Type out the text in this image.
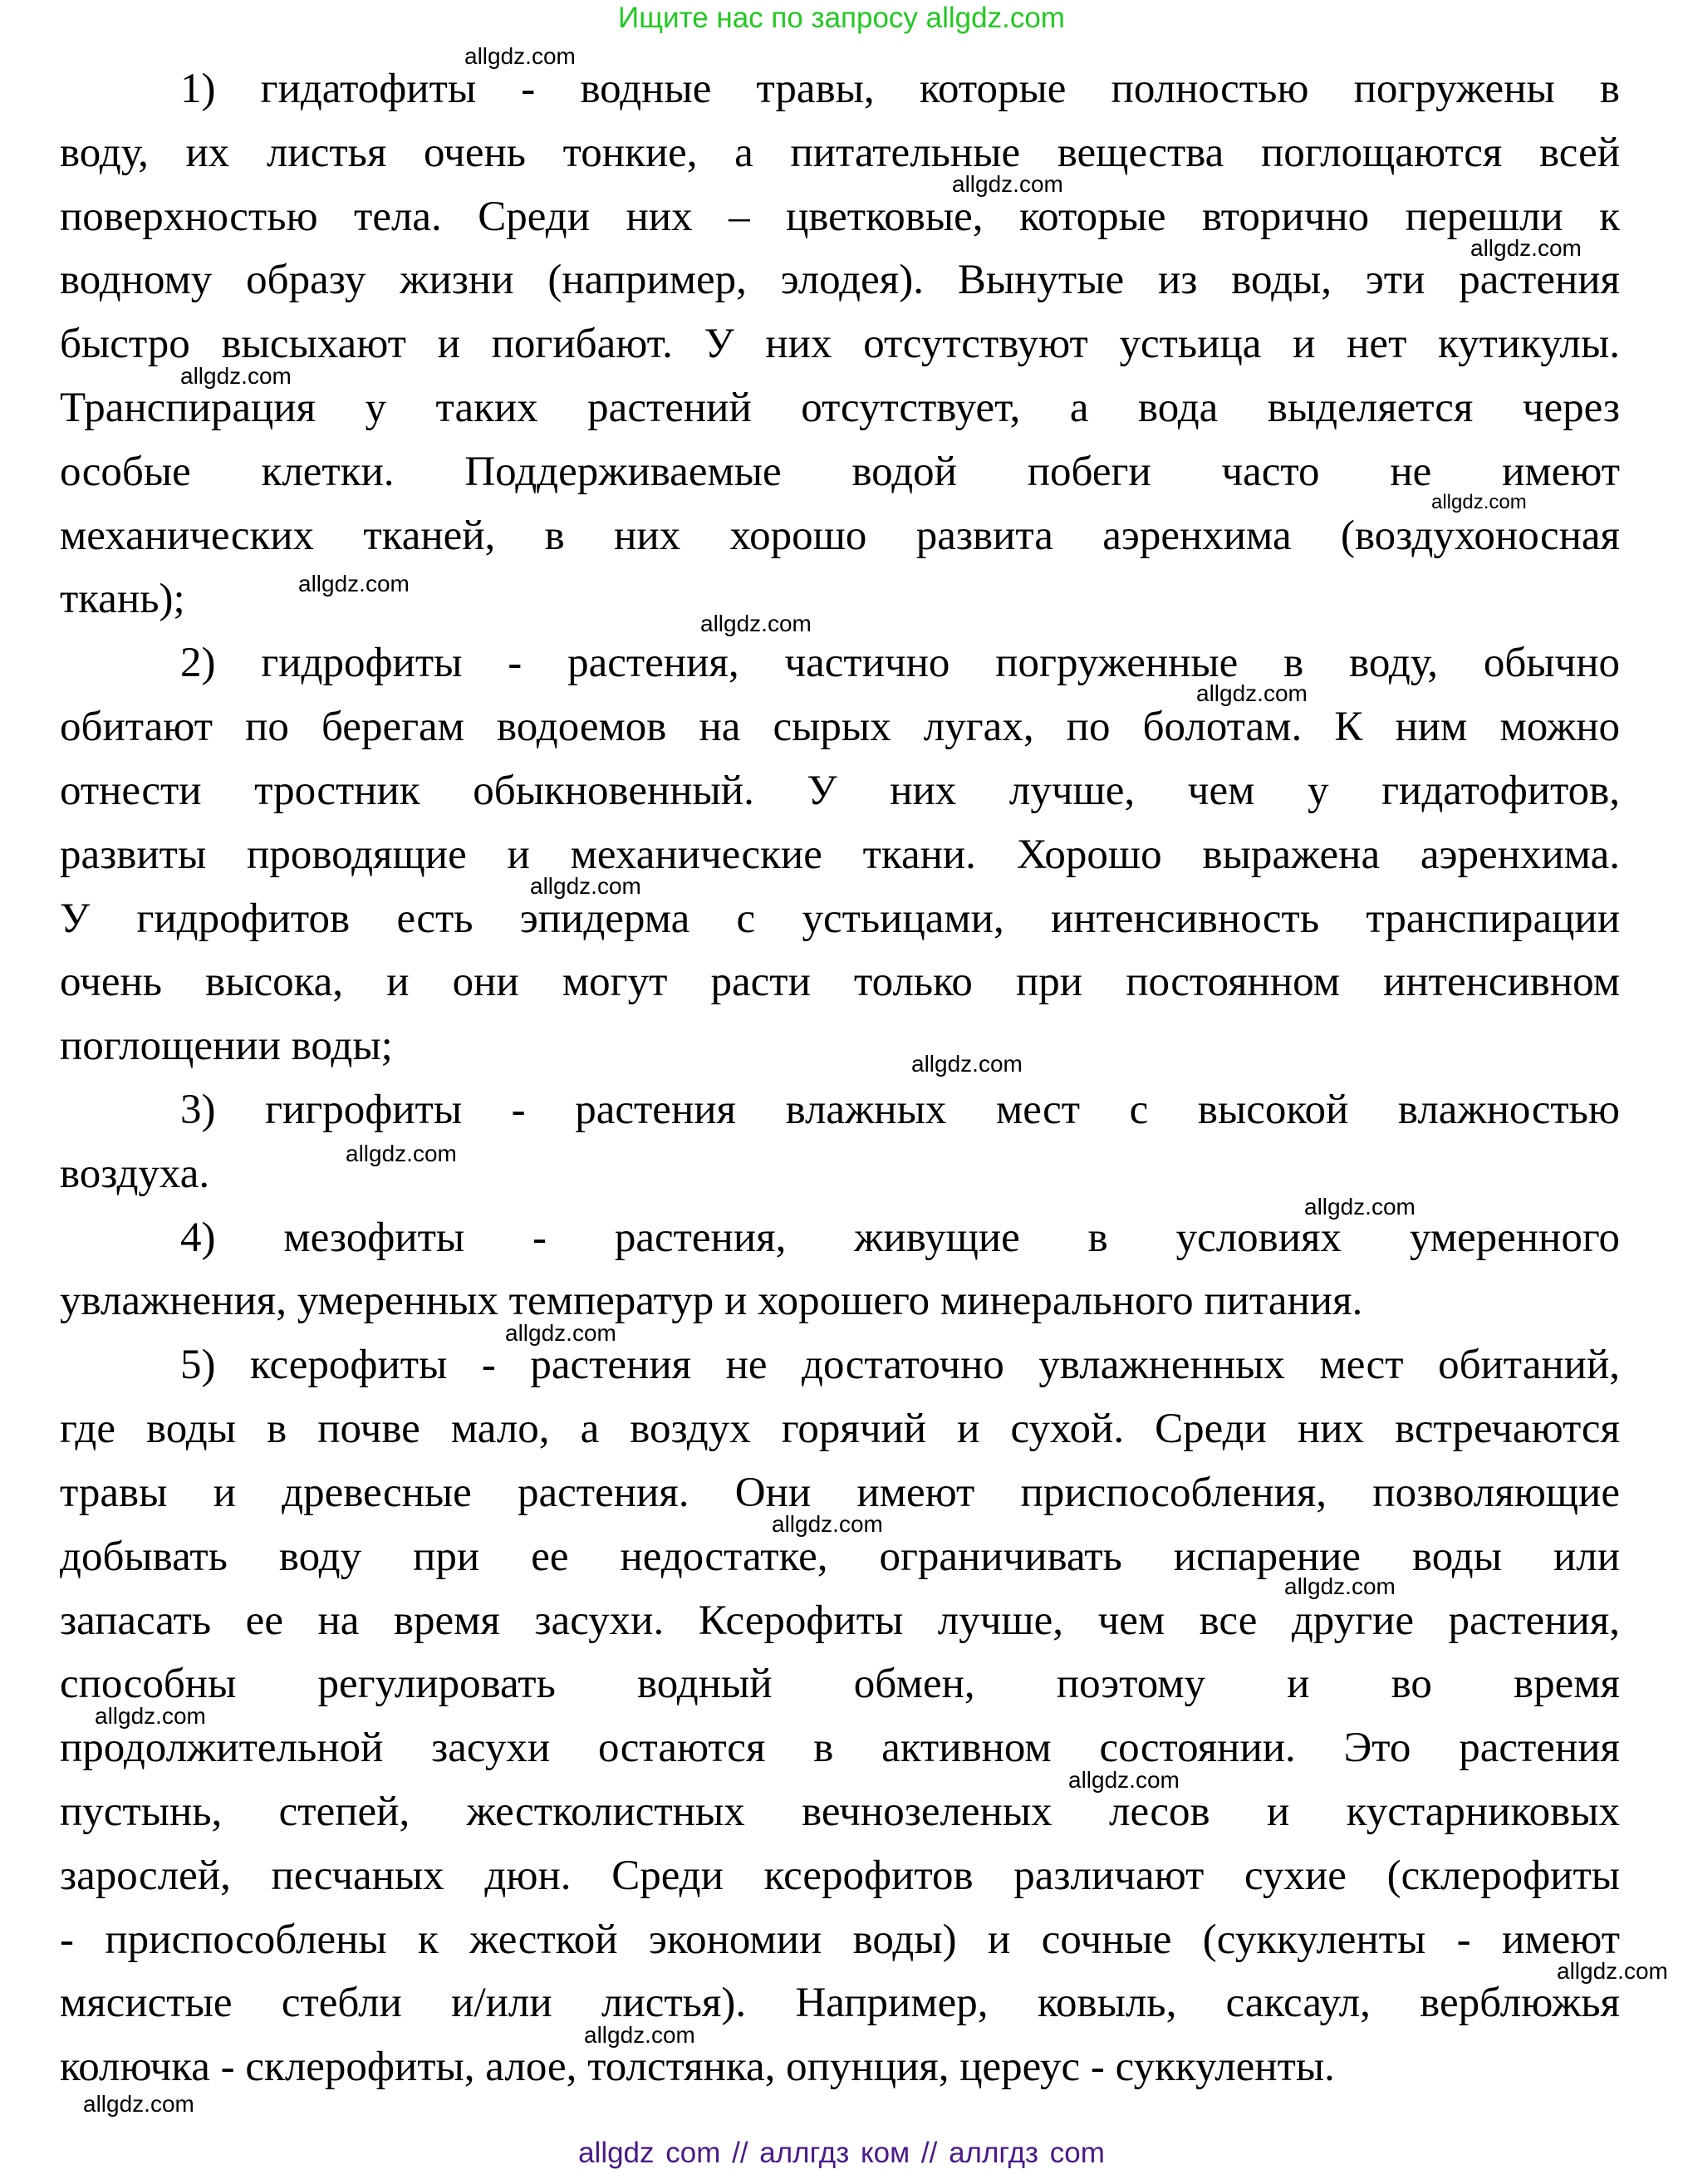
Ищите нас по запросу allgdz.com
1) гидатофиты - водные травы, которые полностью погружены в
воду, их листья очень тонкие, а питательные вещества поглощаются всей
поверхностью тела. Среди них – цветковые, которые вторично перешли к
водному образу жизни (например, элодея). Вынутые из воды, эти растения
быстро высыхают и погибают. У них отсутствуют устьица и нет кутикулы.
Транспирация у таких растений отсутствует, а вода выделяется через
особые клетки. Поддерживаемые водой побеги часто не имеют
механических тканей, в них хорошо развита аэренхима (воздухоносная
ткань);
2) гидрофиты - растения, частично погруженные в воду, обычно
обитают по берегам водоемов на сырых лугах, по болотам. К ним можно
отнести тростник обыкновенный. У них лучше, чем у гидатофитов,
развиты проводящие и механические ткани. Хорошо выражена аэренхима.
У гидрофитов есть эпидерма с устьицами, интенсивность транспирации
очень высока, и они могут расти только при постоянном интенсивном
поглощении воды;
3) гигрофиты - растения влажных мест с высокой влажностью
воздуха.
4) мезофиты - растения, живущие в условиях умеренного
увлажнения, умеренных температур и хорошего минерального питания.
5) ксерофиты - растения не достаточно увлажненных мест обитаний,
где воды в почве мало, а воздух горячий и сухой. Среди них встречаются
травы и древесные растения. Они имеют приспособления, позволяющие
добывать воду при ее недостатке, ограничивать испарение воды или
запасать ее на время засухи. Ксерофиты лучше, чем все другие растения,
способны регулировать водный обмен, поэтому и во время
продолжительной засухи остаются в активном состоянии. Это растения
пустынь, степей, жестколистных вечнозеленых лесов и кустарниковых
зарослей, песчаных дюн. Среди ксерофитов различают сухие (склерофиты
- приспособлены к жесткой экономии воды) и сочные (суккуленты - имеют
мясистые стебли и/или листья). Например, ковыль, саксаул, верблюжья
колючка - склерофиты, алое, толстянка, опунция, цереус - суккуленты.
allgdz.com
allgdz.com
allgdz.com
allgdz.com
allgdz.com
allgdz.com
allgdz.com
allgdz.com
allgdz.com
allgdz.com
allgdz.com
allgdz.com
allgdz.com
allgdz.com
allgdz.com
allgdz.com
allgdz.com
allgdz.com
allgdz.com
allgdz.com
allgdz com // аллгдз ком // аллгдз com
